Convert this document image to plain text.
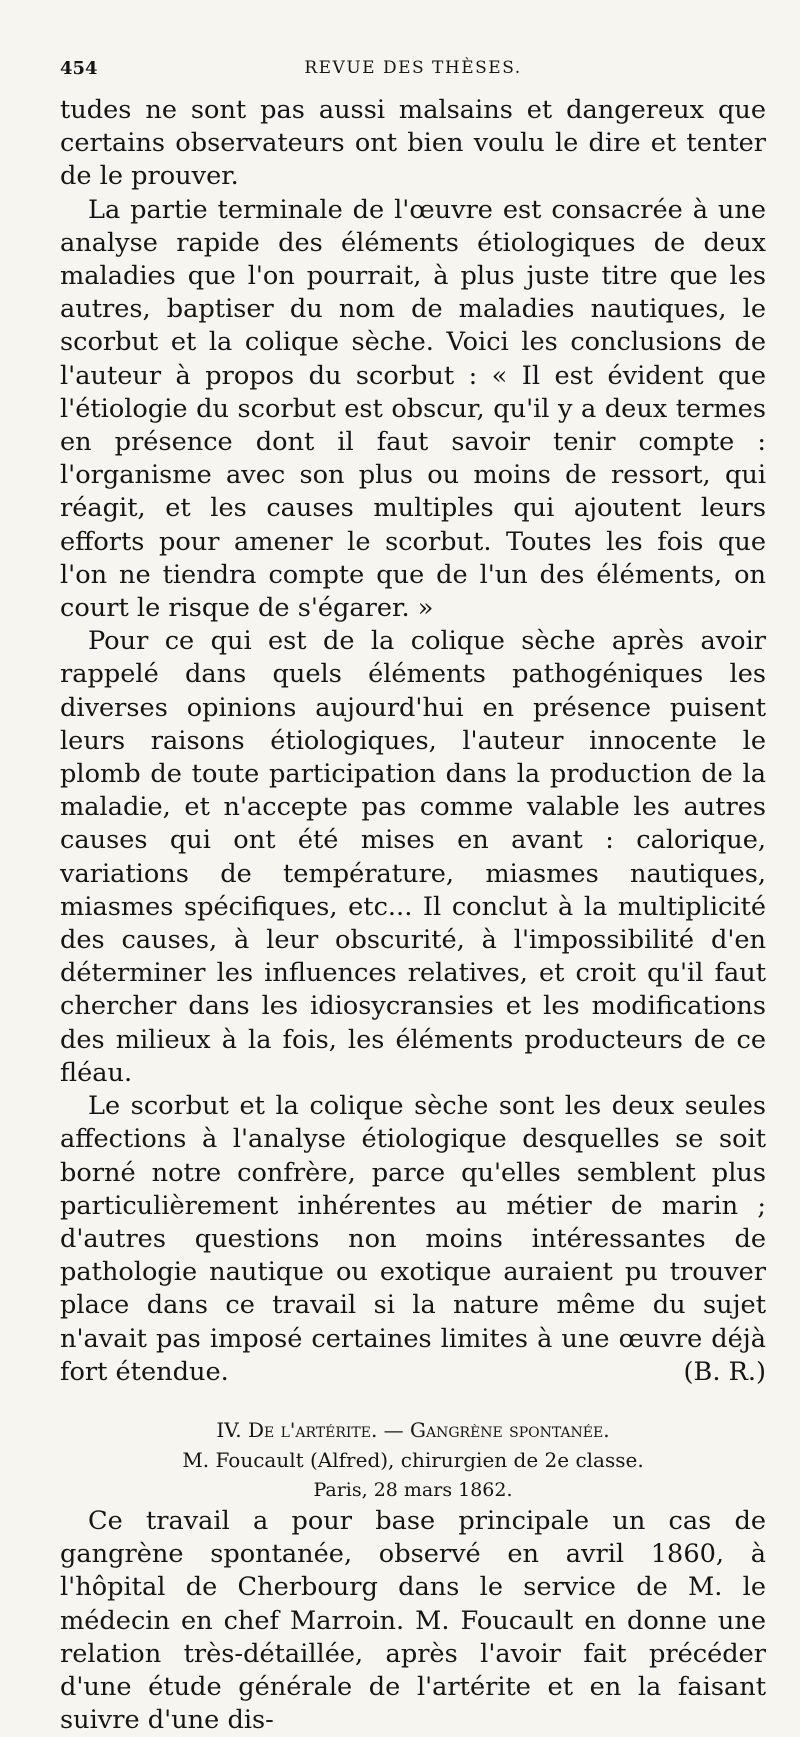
454	REVUE DES THÈSES.

tudes ne sont pas aussi malsains et dangereux que certains observateurs ont bien voulu le dire et tenter de le prouver.

La partie terminale de l'œuvre est consacrée à une analyse rapide des éléments étiologiques de deux maladies que l'on pourrait, à plus juste titre que les autres, baptiser du nom de maladies nautiques, le scorbut et la colique sèche. Voici les conclusions de l'auteur à propos du scorbut : « Il est évident que l'étiologie du scorbut est obscur, qu'il y a deux termes en présence dont il faut savoir tenir compte : l'organisme avec son plus ou moins de ressort, qui réagit, et les causes multiples qui ajoutent leurs efforts pour amener le scorbut. Toutes les fois que l'on ne tiendra compte que de l'un des éléments, on court le risque de s'égarer. »

Pour ce qui est de la colique sèche après avoir rappelé dans quels éléments pathogéniques les diverses opinions aujourd'hui en présence puisent leurs raisons étiologiques, l'auteur innocente le plomb de toute participation dans la production de la maladie, et n'accepte pas comme valable les autres causes qui ont été mises en avant : calorique, variations de température, miasmes nautiques, miasmes spécifiques, etc... Il conclut à la multiplicité des causes, à leur obscurité, à l'impossibilité d'en déterminer les influences relatives, et croit qu'il faut chercher dans les idiosycransies et les modifications des milieux à la fois, les éléments producteurs de ce fléau.

Le scorbut et la colique sèche sont les deux seules affections à l'analyse étiologique desquelles se soit borné notre confrère, parce qu'elles semblent plus particulièrement inhérentes au métier de marin ; d'autres questions non moins intéressantes de pathologie nautique ou exotique auraient pu trouver place dans ce travail si la nature même du sujet n'avait pas imposé certaines limites à une œuvre déjà fort étendue.	(B. R.)

IV. De l'artérite. — Gangrène spontanée.
M. Foucault (Alfred), chirurgien de 2e classe.
Paris, 28 mars 1862.

Ce travail a pour base principale un cas de gangrène spontanée, observé en avril 1860, à l'hôpital de Cherbourg dans le service de M. le médecin en chef Marroin. M. Foucault en donne une relation très-détaillée, après l'avoir fait précéder d'une étude générale de l'artérite et en la faisant suivre d'une dis-
